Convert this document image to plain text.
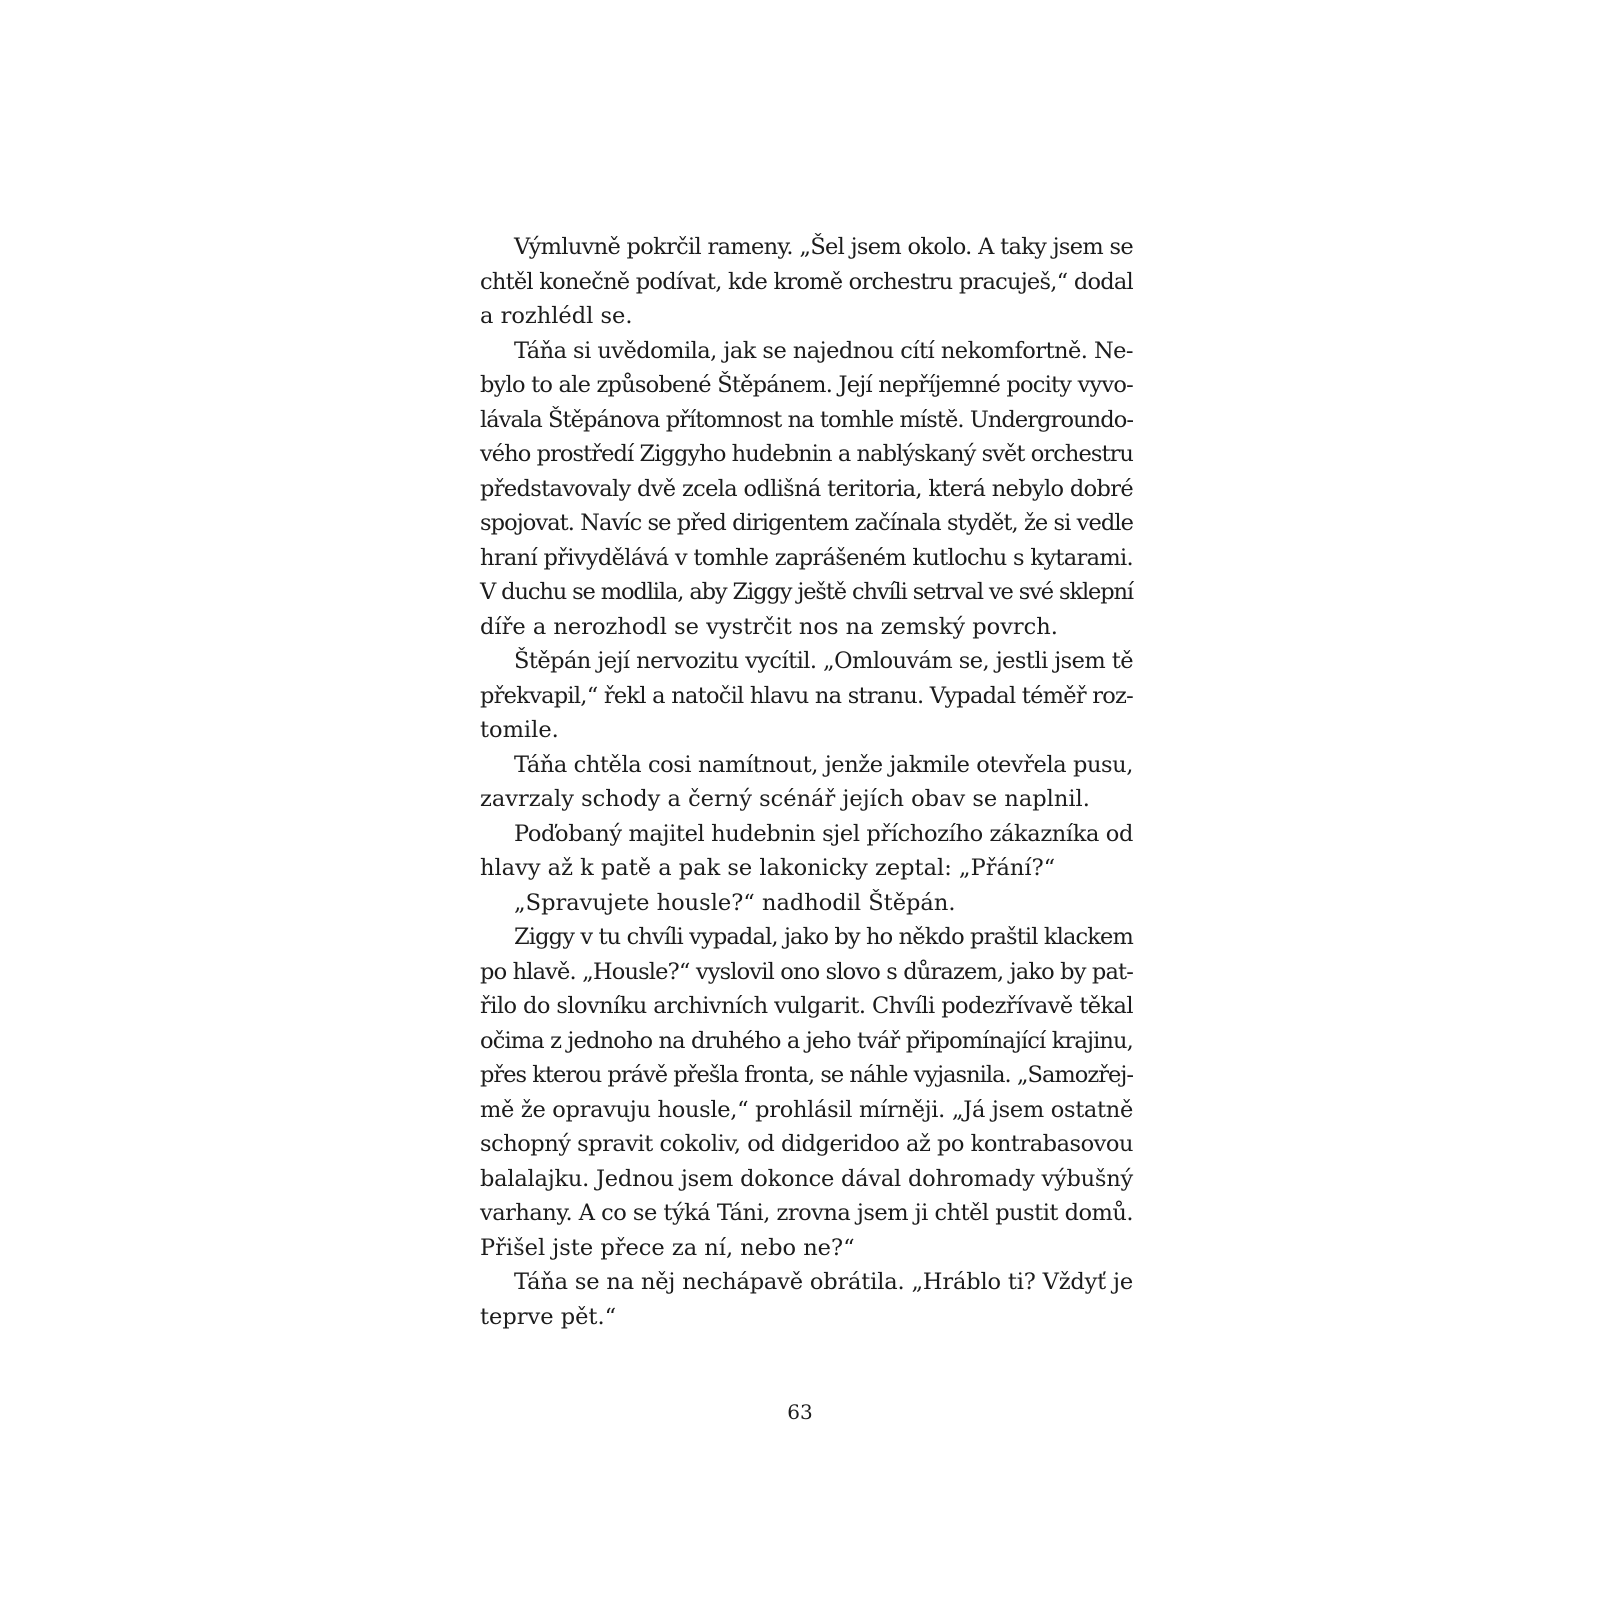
Výmluvně pokrčil rameny. „Šel jsem okolo. A taky jsem se
chtěl konečně podívat, kde kromě orchestru pracuješ,“ dodal
a rozhlédl se.
Táňa si uvědomila, jak se najednou cítí nekomfortně. Ne-
bylo to ale způsobené Štěpánem. Její nepříjemné pocity vyvo-
lávala Štěpánova přítomnost na tomhle místě. Undergroundo-
vého prostředí Ziggyho hudebnin a nablýskaný svět orchestru
představovaly dvě zcela odlišná teritoria, která nebylo dobré
spojovat. Navíc se před dirigentem začínala stydět, že si vedle
hraní přivydělává v tomhle zaprášeném kutlochu s kytarami.
V duchu se modlila, aby Ziggy ještě chvíli setrval ve své sklepní
díře a nerozhodl se vystrčit nos na zemský povrch.
Štěpán její nervozitu vycítil. „Omlouvám se, jestli jsem tě
překvapil,“ řekl a natočil hlavu na stranu. Vypadal téměř roz-
tomile.
Táňa chtěla cosi namítnout, jenže jakmile otevřela pusu,
zavrzaly schody a černý scénář jejích obav se naplnil.
Poďobaný majitel hudebnin sjel příchozího zákazníka od
hlavy až k patě a pak se lakonicky zeptal: „Přání?“
„Spravujete housle?“ nadhodil Štěpán.
Ziggy v tu chvíli vypadal, jako by ho někdo praštil klackem
po hlavě. „Housle?“ vyslovil ono slovo s důrazem, jako by pat-
řilo do slovníku archivních vulgarit. Chvíli podezřívavě těkal
očima z jednoho na druhého a jeho tvář připomínající krajinu,
přes kterou právě přešla fronta, se náhle vyjasnila. „Samozřej-
mě že opravuju housle,“ prohlásil mírněji. „Já jsem ostatně
schopný spravit cokoliv, od didgeridoo až po kontrabasovou
balalajku. Jednou jsem dokonce dával dohromady výbušný
varhany. A co se týká Táni, zrovna jsem ji chtěl pustit domů.
Přišel jste přece za ní, nebo ne?“
Táňa se na něj nechápavě obrátila. „Hráblo ti? Vždyť je
teprve pět.“
63
